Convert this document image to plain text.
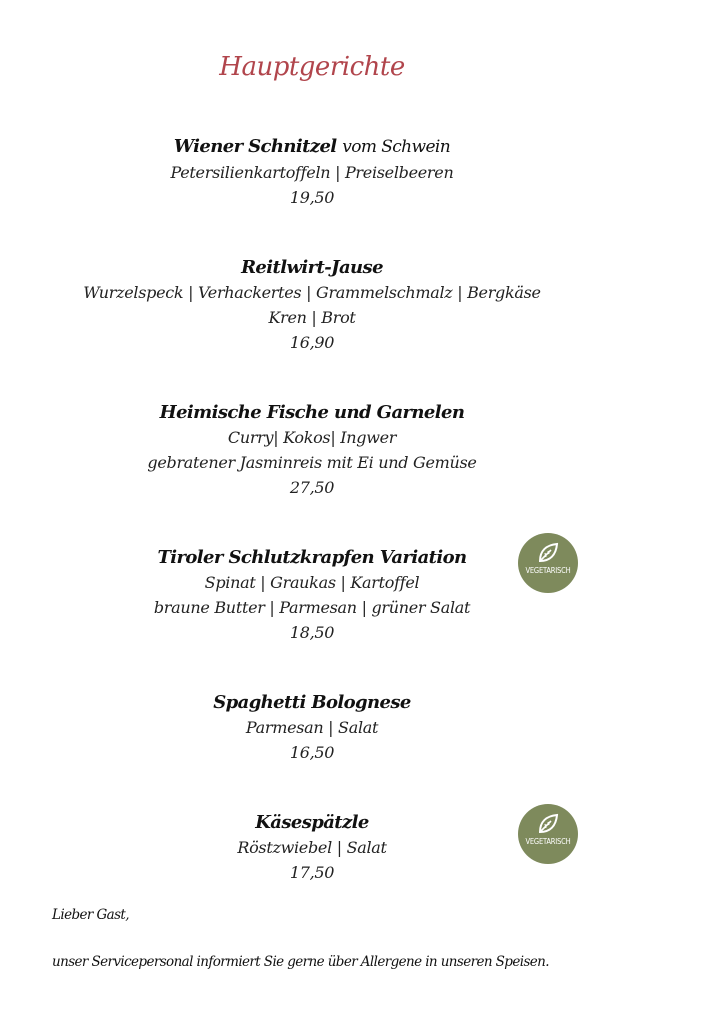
Hauptgerichte
Wiener Schnitzel vom Schwein
Petersilienkartoffeln | Preiselbeeren
19,50
Reitlwirt-Jause
Wurzelspeck | Verhackertes | Grammelschmalz | Bergkäse
Kren | Brot
16,90
Heimische Fische und Garnelen
Curry| Kokos| Ingwer
gebratener Jasminreis mit Ei und Gemüse
27,50
Tiroler Schlutzkrapfen Variation
Spinat | Graukas | Kartoffel
braune Butter | Parmesan | grüner Salat
18,50
VEGETARISCH
Spaghetti Bolognese
Parmesan | Salat
16,50
Käsespätzle
Röstzwiebel | Salat
17,50
VEGETARISCH
Lieber Gast,
unser Servicepersonal informiert Sie gerne über Allergene in unseren Speisen.
